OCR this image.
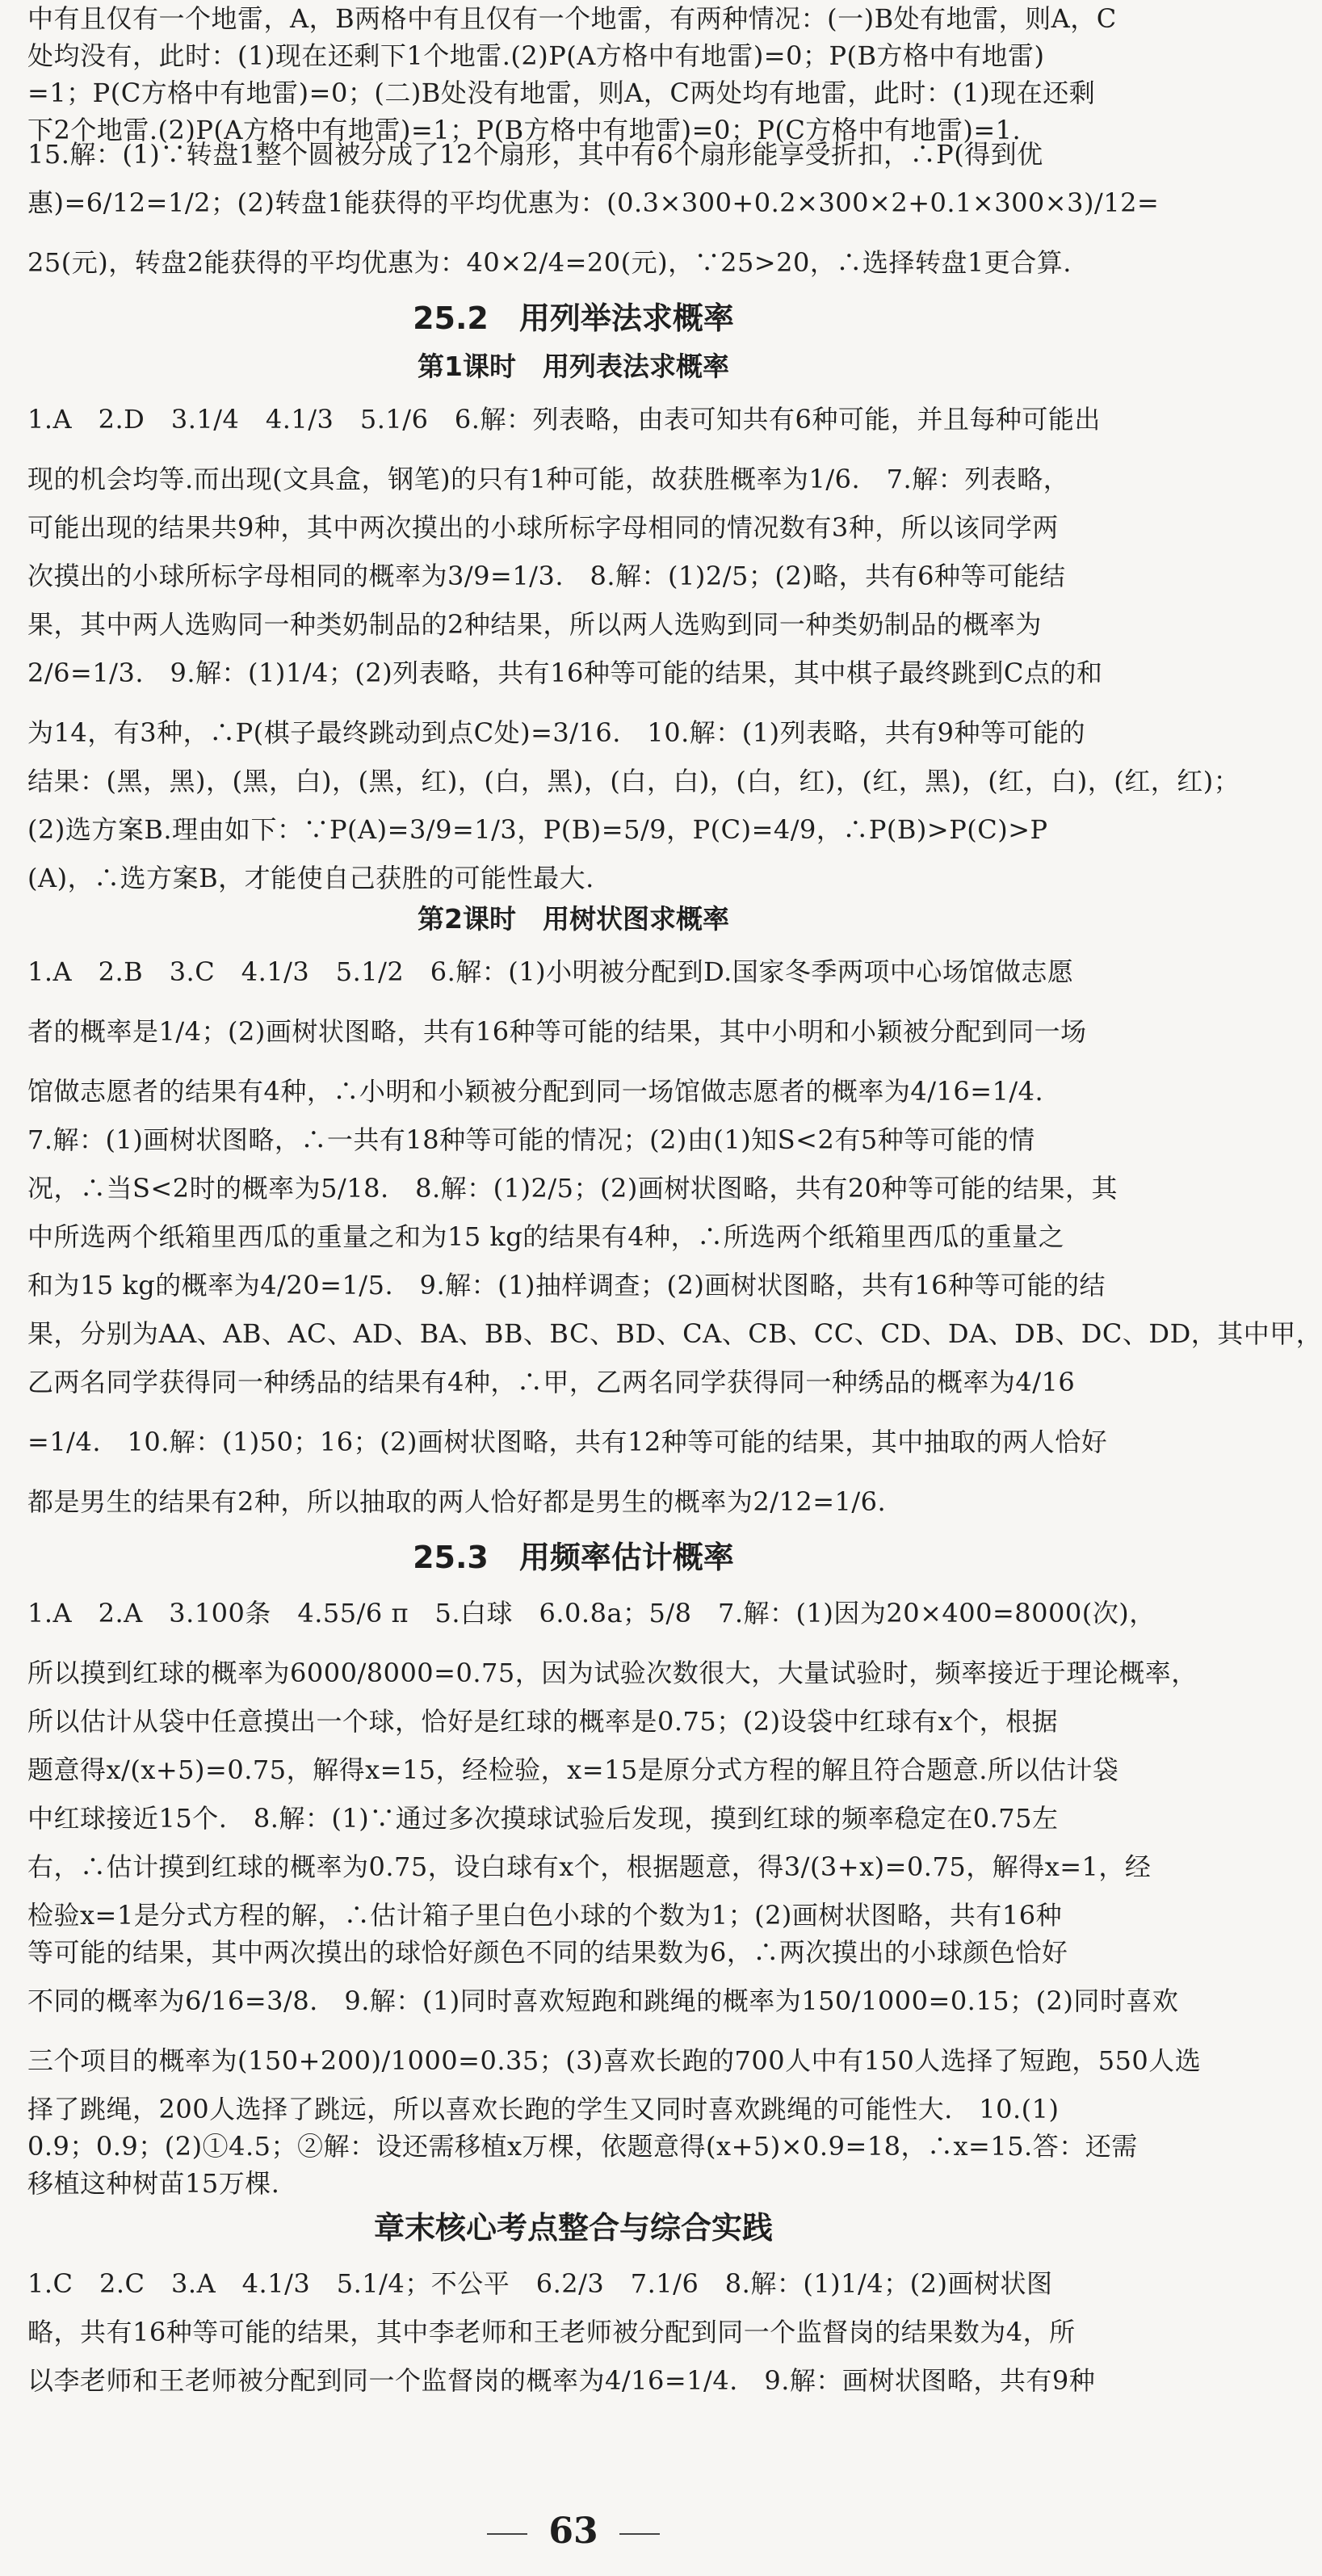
中有且仅有一个地雷，A，B两格中有且仅有一个地雷，有两种情况：(一)B处有地雷，则A，C
处均没有，此时：(1)现在还剩下1个地雷.(2)P(A方格中有地雷)=0；P(B方格中有地雷)
=1；P(C方格中有地雷)=0；(二)B处没有地雷，则A，C两处均有地雷，此时：(1)现在还剩
下2个地雷.(2)P(A方格中有地雷)=1；P(B方格中有地雷)=0；P(C方格中有地雷)=1.
15.解：(1)∵转盘1整个圆被分成了12个扇形，其中有6个扇形能享受折扣，∴P(得到优
惠)=6/12=1/2；(2)转盘1能获得的平均优惠为：(0.3×300+0.2×300×2+0.1×300×3)/12=
25(元)，转盘2能获得的平均优惠为：40×2/4=20(元)，∵25>20，∴选择转盘1更合算.
25.2　用列举法求概率
第1课时　用列表法求概率
1.A　2.D　3.1/4　4.1/3　5.1/6　6.解：列表略，由表可知共有6种可能，并且每种可能出
现的机会均等.而出现(文具盒，钢笔)的只有1种可能，故获胜概率为1/6.　7.解：列表略，
可能出现的结果共9种，其中两次摸出的小球所标字母相同的情况数有3种，所以该同学两
次摸出的小球所标字母相同的概率为3/9=1/3.　8.解：(1)2/5；(2)略，共有6种等可能结
果，其中两人选购同一种类奶制品的2种结果，所以两人选购到同一种类奶制品的概率为
2/6=1/3.　9.解：(1)1/4；(2)列表略，共有16种等可能的结果，其中棋子最终跳到C点的和
为14，有3种，∴P(棋子最终跳动到点C处)=3/16.　10.解：(1)列表略，共有9种等可能的
结果：(黑，黑)，(黑，白)，(黑，红)，(白，黑)，(白，白)，(白，红)，(红，黑)，(红，白)，(红，红)；
(2)选方案B.理由如下：∵P(A)=3/9=1/3，P(B)=5/9，P(C)=4/9，∴P(B)>P(C)>P
(A)，∴选方案B，才能使自己获胜的可能性最大.
第2课时　用树状图求概率
1.A　2.B　3.C　4.1/3　5.1/2　6.解：(1)小明被分配到D.国家冬季两项中心场馆做志愿
者的概率是1/4；(2)画树状图略，共有16种等可能的结果，其中小明和小颖被分配到同一场
馆做志愿者的结果有4种，∴小明和小颖被分配到同一场馆做志愿者的概率为4/16=1/4.
7.解：(1)画树状图略，∴一共有18种等可能的情况；(2)由(1)知S<2有5种等可能的情
况，∴当S<2时的概率为5/18.　8.解：(1)2/5；(2)画树状图略，共有20种等可能的结果，其
中所选两个纸箱里西瓜的重量之和为15 kg的结果有4种，∴所选两个纸箱里西瓜的重量之
和为15 kg的概率为4/20=1/5.　9.解：(1)抽样调查；(2)画树状图略，共有16种等可能的结
果，分别为AA、AB、AC、AD、BA、BB、BC、BD、CA、CB、CC、CD、DA、DB、DC、DD，其中甲，
乙两名同学获得同一种绣品的结果有4种，∴甲，乙两名同学获得同一种绣品的概率为4/16
=1/4.　10.解：(1)50；16；(2)画树状图略，共有12种等可能的结果，其中抽取的两人恰好
都是男生的结果有2种，所以抽取的两人恰好都是男生的概率为2/12=1/6.
25.3　用频率估计概率
1.A　2.A　3.100条　4.55/6 π　5.白球　6.0.8a；5/8　7.解：(1)因为20×400=8000(次)，
所以摸到红球的概率为6000/8000=0.75，因为试验次数很大，大量试验时，频率接近于理论概率，
所以估计从袋中任意摸出一个球，恰好是红球的概率是0.75；(2)设袋中红球有x个，根据
题意得x/(x+5)=0.75，解得x=15，经检验，x=15是原分式方程的解且符合题意.所以估计袋
中红球接近15个.　8.解：(1)∵通过多次摸球试验后发现，摸到红球的频率稳定在0.75左
右，∴估计摸到红球的概率为0.75，设白球有x个，根据题意，得3/(3+x)=0.75，解得x=1，经
检验x=1是分式方程的解，∴估计箱子里白色小球的个数为1；(2)画树状图略，共有16种
等可能的结果，其中两次摸出的球恰好颜色不同的结果数为6，∴两次摸出的小球颜色恰好
不同的概率为6/16=3/8.　9.解：(1)同时喜欢短跑和跳绳的概率为150/1000=0.15；(2)同时喜欢
三个项目的概率为(150+200)/1000=0.35；(3)喜欢长跑的700人中有150人选择了短跑，550人选
择了跳绳，200人选择了跳远，所以喜欢长跑的学生又同时喜欢跳绳的可能性大.　10.(1)
0.9；0.9；(2)①4.5；②解：设还需移植x万棵，依题意得(x+5)×0.9=18，∴x=15.答：还需
移植这种树苗15万棵.
章末核心考点整合与综合实践
1.C　2.C　3.A　4.1/3　5.1/4；不公平　6.2/3　7.1/6　8.解：(1)1/4；(2)画树状图
略，共有16种等可能的结果，其中李老师和王老师被分配到同一个监督岗的结果数为4，所
以李老师和王老师被分配到同一个监督岗的概率为4/16=1/4.　9.解：画树状图略，共有9种
63
